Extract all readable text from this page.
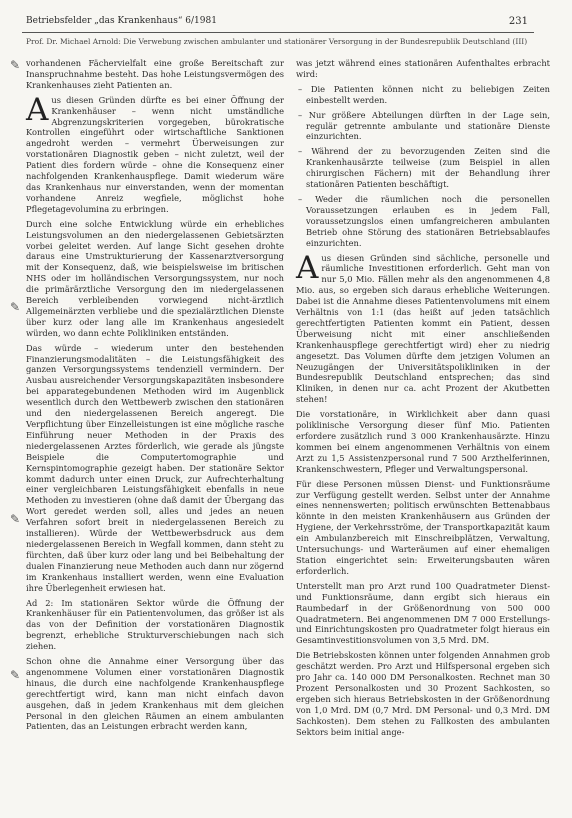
Betriebsfelder „das Krankenhaus“ 6/1981	231
Prof. Dr. Michael Arnold: Die Verwebung zwischen ambulanter und stationärer Versorgung in der Bundesrepublik Deutschland (III)

vorhandenen Fächervielfalt eine große Bereitschaft zur Inanspruchnahme besteht. Das hohe Leistungsvermögen des Krankenhauses zieht Patienten an.

Aus diesen Gründen dürfte es bei einer Öffnung der Krankenhäuser – wenn nicht umständliche Abgrenzungskriterien vorgegeben, bürokratische Kontrollen eingeführt oder wirtschaftliche Sanktionen angedroht werden – vermehrt Überweisungen zur vorstationären Diagnostik geben – nicht zuletzt, weil der Patient dies fordern würde – ohne die Konsequenz einer nachfolgenden Krankenhauspflege. Damit wiederum wäre das Krankenhaus nur einverstanden, wenn der momentan vorhandene Anreiz wegfiele, möglichst hohe Pflegetagevolumina zu erbringen.

Durch eine solche Entwicklung würde ein erhebliches Leistungsvolumen an den niedergelassenen Gebietsärzten vorbei geleitet werden. Auf lange Sicht gesehen drohte daraus eine Umstrukturierung der Kassenarztversorgung mit der Konsequenz, daß, wie beispielsweise im britischen NHS oder im holländischen Versorgungssystem, nur noch die primärärztliche Versorgung den im niedergelassenen Bereich verbleibenden vorwiegend nicht-ärztlich Allgemeinärzten verbliebe und die spezialärztlichen Dienste über kurz oder lang alle im Krankenhaus angesiedelt würden, wo dann echte Polikliniken entständen.

Das würde – wiederum unter den bestehenden Finanzierungsmodalitäten – die Leistungsfähigkeit des ganzen Versorgungssystems tendenziell vermindern. Der Ausbau ausreichender Versorgungskapazitäten insbesondere bei apparategebundenen Methoden wird im Augenblick wesentlich durch den Wettbewerb zwischen den stationären und den niedergelassenen Bereich angeregt. Die Verpflichtung über Einzelleistungen ist eine mögliche rasche Einführung neuer Methoden in der Praxis des niedergelassenen Arztes förderlich, wie gerade als jüngste Beispiele die Computertomographie und Kernspintomographie gezeigt haben. Der stationäre Sektor kommt dadurch unter einen Druck, zur Aufrechterhaltung einer vergleichbaren Leistungsfähigkeit ebenfalls in neue Methoden zu investieren (ohne daß damit der Übergang das Wort geredet werden soll, alles und jedes an neuen Verfahren sofort breit in niedergelassenen Bereich zu installieren). Würde der Wettbewerbsdruck aus dem niedergelassenen Bereich in Wegfall kommen, dann steht zu fürchten, daß über kurz oder lang und bei Beibehaltung der dualen Finanzierung neue Methoden auch dann nur zögernd im Krankenhaus installiert werden, wenn eine Evaluation ihre Überlegenheit erwiesen hat.

Ad 2: Im stationären Sektor würde die Öffnung der Krankenhäuser für ein Patientenvolumen, das größer ist als das von der Definition der vorstationären Diagnostik begrenzt, erhebliche Strukturverschiebungen nach sich ziehen.

Schon ohne die Annahme einer Versorgung über das angenommene Volumen einer vorstationären Diagnostik hinaus, die durch eine nachfolgende Krankenhauspflege gerechtfertigt wird, kann man nicht einfach davon ausgehen, daß in jedem Krankenhaus mit dem gleichen Personal in den gleichen Räumen an einem ambulanten Patienten, das an Leistungen erbracht werden kann,

was jetzt während eines stationären Aufenthaltes erbracht wird:

– Die Patienten können nicht zu beliebigen Zeiten einbestellt werden.

– Nur größere Abteilungen dürften in der Lage sein, regulär getrennte ambulante und stationäre Dienste einzurichten.

– Während der zu bevorzugenden Zeiten sind die Krankenhausärzte teilweise (zum Beispiel in allen chirurgischen Fächern) mit der Behandlung ihrer stationären Patienten beschäftigt.

– Weder die räumlichen noch die personellen Voraussetzungen erlauben es in jedem Fall, voraussetzungslos einen umfangreicheren ambulanten Betrieb ohne Störung des stationären Betriebsablaufes einzurichten.

Aus diesen Gründen sind sächliche, personelle und räumliche Investitionen erforderlich. Geht man von nur 5,0 Mio. Fällen mehr als den angenommenen 4,8 Mio. aus, so ergeben sich daraus erhebliche Weiterungen. Dabei ist die Annahme dieses Patientenvolumens mit einem Verhältnis von 1:1 (das heißt auf jeden tatsächlich gerechtfertigten Patienten kommt ein Patient, dessen Überweisung nicht mit einer anschließenden Krankenhauspflege gerechtfertigt wird) eher zu niedrig angesetzt. Das Volumen dürfte dem jetzigen Volumen an Neuzugängen der Universitätspolikliniken in der Bundesrepublik Deutschland entsprechen; das sind Kliniken, in denen nur ca. acht Prozent der Akutbetten stehen!

Die vorstationäre, in Wirklichkeit aber dann quasi poliklinische Versorgung dieser fünf Mio. Patienten erfordere zusätzlich rund 3 000 Krankenhausärzte. Hinzu kommen bei einem angenommenen Verhältnis von einem Arzt zu 1,5 Assistenzpersonal rund 7 500 Arzthelferinnen, Krankenschwestern, Pfleger und Verwaltungspersonal.

Für diese Personen müssen Dienst- und Funktionsräume zur Verfügung gestellt werden. Selbst unter der Annahme eines nennenswerten; politisch erwünschten Bettenabbaus könnte in den meisten Krankenhäusern aus Gründen der Hygiene, der Verkehrsströme, der Transportkapazität kaum ein Ambulanzbereich mit Einschreibplätzen, Verwaltung, Untersuchungs- und Warteräumen auf einer ehemaligen Station eingerichtet sein: Erweiterungsbauten wären erforderlich.

Unterstellt man pro Arzt rund 100 Quadratmeter Dienst- und Funktionsräume, dann ergibt sich hieraus ein Raumbedarf in der Größenordnung von 500 000 Quadratmetern. Bei angenommenen DM 7 000 Erstellungs- und Einrichtungskosten pro Quadratmeter folgt hieraus ein Gesamtinvestitionsvolumen von 3,5 Mrd. DM.

Die Betriebskosten können unter folgenden Annahmen grob geschätzt werden. Pro Arzt und Hilfspersonal ergeben sich pro Jahr ca. 140 000 DM Personalkosten. Rechnet man 30 Prozent Personalkosten und 30 Prozent Sachkosten, so ergeben sich hieraus Betriebskosten in der Größenordnung von 1,0 Mrd. DM (0,7 Mrd. DM Personal- und 0,3 Mrd. DM Sachkosten). Dem stehen zu Fallkosten des ambulanten Sektors beim initial ange-

✎
✎
✎
✎
